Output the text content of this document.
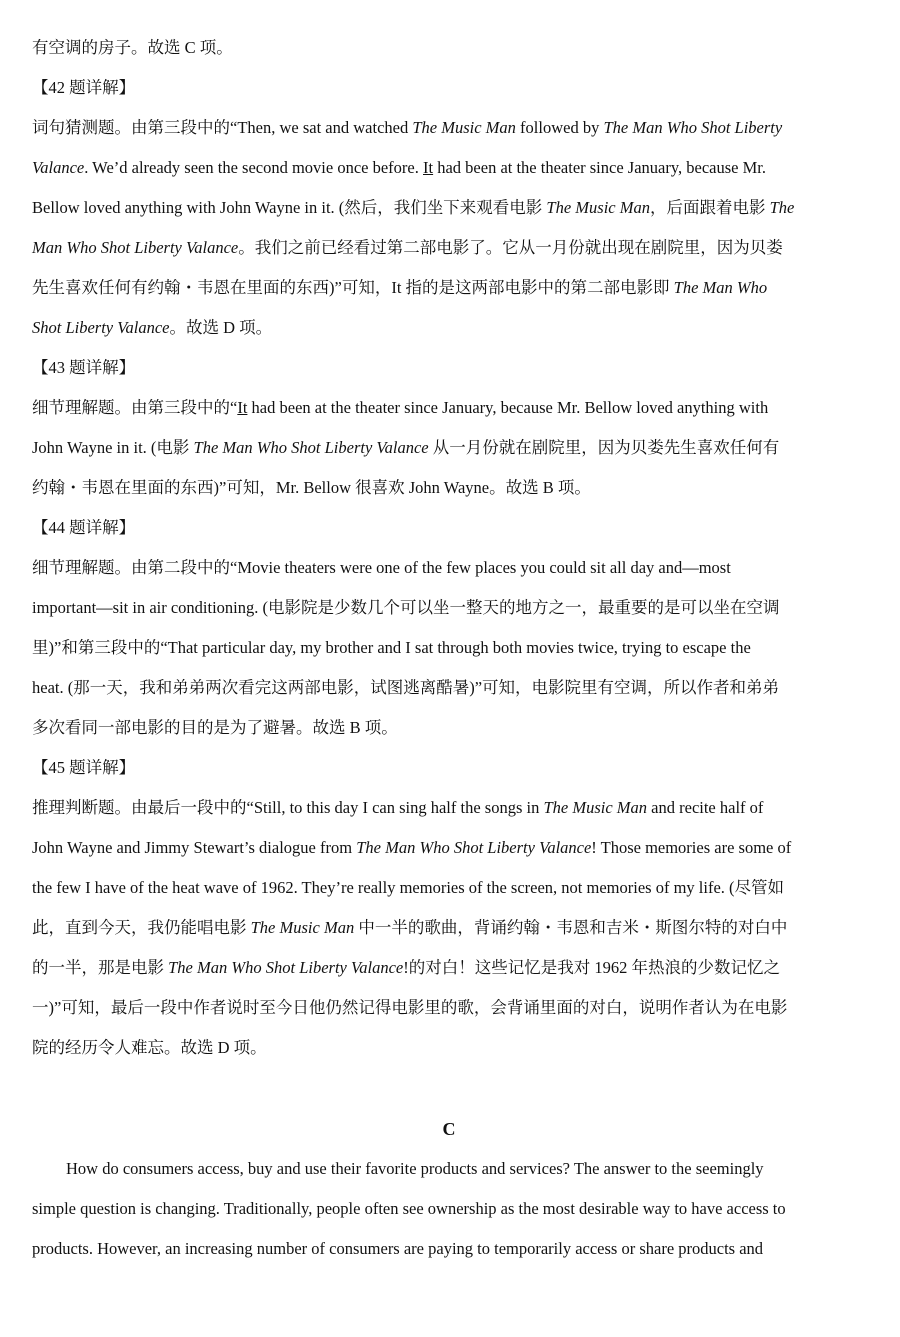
有空调的房子。故选 C 项。
【42 题详解】
词句猜测题。由第三段中的“Then, we sat and watched The Music Man followed by The Man Who Shot Liberty
Valance. We’d already seen the second movie once before. It had been at the theater since January, because Mr.
Bellow loved anything with John Wayne in it. (然后，我们坐下来观看电影 The Music Man，后面跟着电影 The
Man Who Shot Liberty Valance。我们之前已经看过第二部电影了。它从一月份就出现在剧院里，因为贝娄
先生喜欢任何有约翰・韦恩在里面的东西)”可知，It 指的是这两部电影中的第二部电影即 The Man Who
Shot Liberty Valance。故选 D 项。
【43 题详解】
细节理解题。由第三段中的“It had been at the theater since January, because Mr. Bellow loved anything with
John Wayne in it. (电影 The Man Who Shot Liberty Valance 从一月份就在剧院里，因为贝娄先生喜欢任何有
约翰・韦恩在里面的东西)”可知，Mr. Bellow 很喜欢 John Wayne。故选 B 项。
【44 题详解】
细节理解题。由第二段中的“Movie theaters were one of the few places you could sit all day and—most
important—sit in air conditioning. (电影院是少数几个可以坐一整天的地方之一，最重要的是可以坐在空调
里)”和第三段中的“That particular day, my brother and I sat through both movies twice, trying to escape the
heat. (那一天，我和弟弟两次看完这两部电影，试图逃离酷暑)”可知，电影院里有空调，所以作者和弟弟
多次看同一部电影的目的是为了避暑。故选 B 项。
【45 题详解】
推理判断题。由最后一段中的“Still, to this day I can sing half the songs in The Music Man and recite half of
John Wayne and Jimmy Stewart’s dialogue from The Man Who Shot Liberty Valance! Those memories are some of
the few I have of the heat wave of 1962. They’re really memories of the screen, not memories of my life. (尽管如
此，直到今天，我仍能唱电影 The Music Man 中一半的歌曲，背诵约翰・韦恩和吉米・斯图尔特的对白中
的一半，那是电影 The Man Who Shot Liberty Valance!的对白！这些记忆是我对 1962 年热浪的少数记忆之
一)”可知，最后一段中作者说时至今日他仍然记得电影里的歌，会背诵里面的对白，说明作者认为在电影
院的经历令人难忘。故选 D 项。
C
How do consumers access, buy and use their favorite products and services? The answer to the seemingly
simple question is changing. Traditionally, people often see ownership as the most desirable way to have access to
products. However, an increasing number of consumers are paying to temporarily access or share products and
